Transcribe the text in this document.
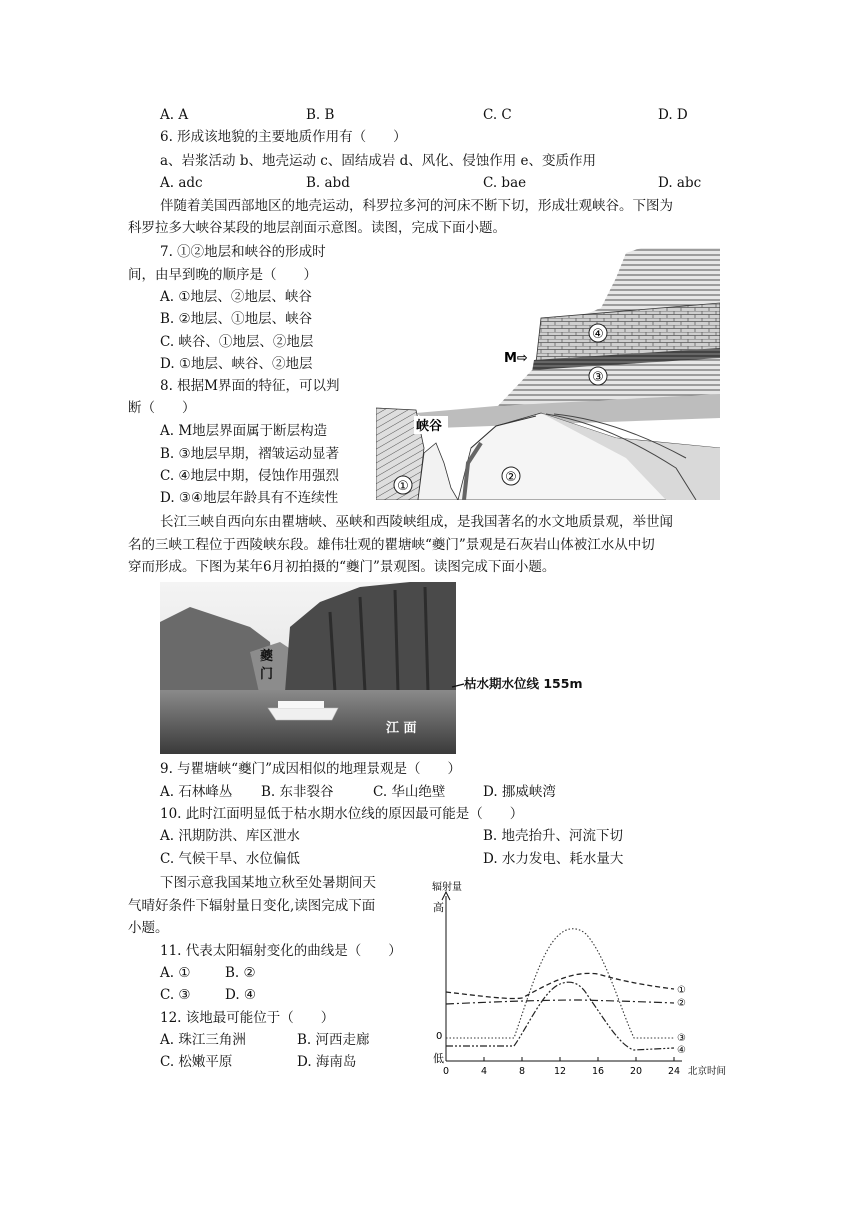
A. A	B. B	C. C	D. D
6. 形成该地貌的主要地质作用有（　　）
a、岩浆活动 b、地壳运动 c、固结成岩 d、风化、侵蚀作用 e、变质作用
A. adc	B. abd	C. bae	D. abc
伴随着美国西部地区的地壳运动，科罗拉多河的河床不断下切，形成壮观峡谷。下图为
科罗拉多大峡谷某段的地层剖面示意图。读图，完成下面小题。
7. ①②地层和峡谷的形成时
间，由早到晚的顺序是（　　）
A. ①地层、②地层、峡谷
B. ②地层、①地层、峡谷
C. 峡谷、①地层、②地层
D. ①地层、峡谷、②地层
8. 根据M界面的特征，可以判
断（　　）
A. M地层界面属于断层构造
B. ③地层早期，褶皱运动显著
C. ④地层中期，侵蚀作用强烈
D. ③④地层年龄具有不连续性
④
③
M⇨
峡谷
②
①
长江三峡自西向东由瞿塘峡、巫峡和西陵峡组成，是我国著名的水文地质景观，举世闻
名的三峡工程位于西陵峡东段。雄伟壮观的瞿塘峡“夔门”景观是石灰岩山体被江水从中切
穿而形成。下图为某年6月初拍摄的“夔门”景观图。读图完成下面小题。
夔
门
江 面
枯水期水位线 155m
9. 与瞿塘峡“夔门”成因相似的地理景观是（　　）
A. 石林峰丛 B. 东非裂谷	C. 华山绝壁	D. 挪威峡湾
10. 此时江面明显低于枯水期水位线的原因最可能是（　　）
A. 汛期防洪、库区泄水	B. 地壳抬升、河流下切
C. 气候干旱、水位偏低	D. 水力发电、耗水量大
下图示意我国某地立秋至处暑期间天
气晴好条件下辐射量日变化,读图完成下面
小题。
11. 代表太阳辐射变化的曲线是（　　）
A. ①	B. ②
C. ③	D. ④
12. 该地最可能位于（　　）
A. 珠江三角洲	B. 河西走廊
C. 松嫩平原	D. 海南岛
辐射量
高
0
低
0	4	8	12	16	20	24 北京时间
①
②
③
④
